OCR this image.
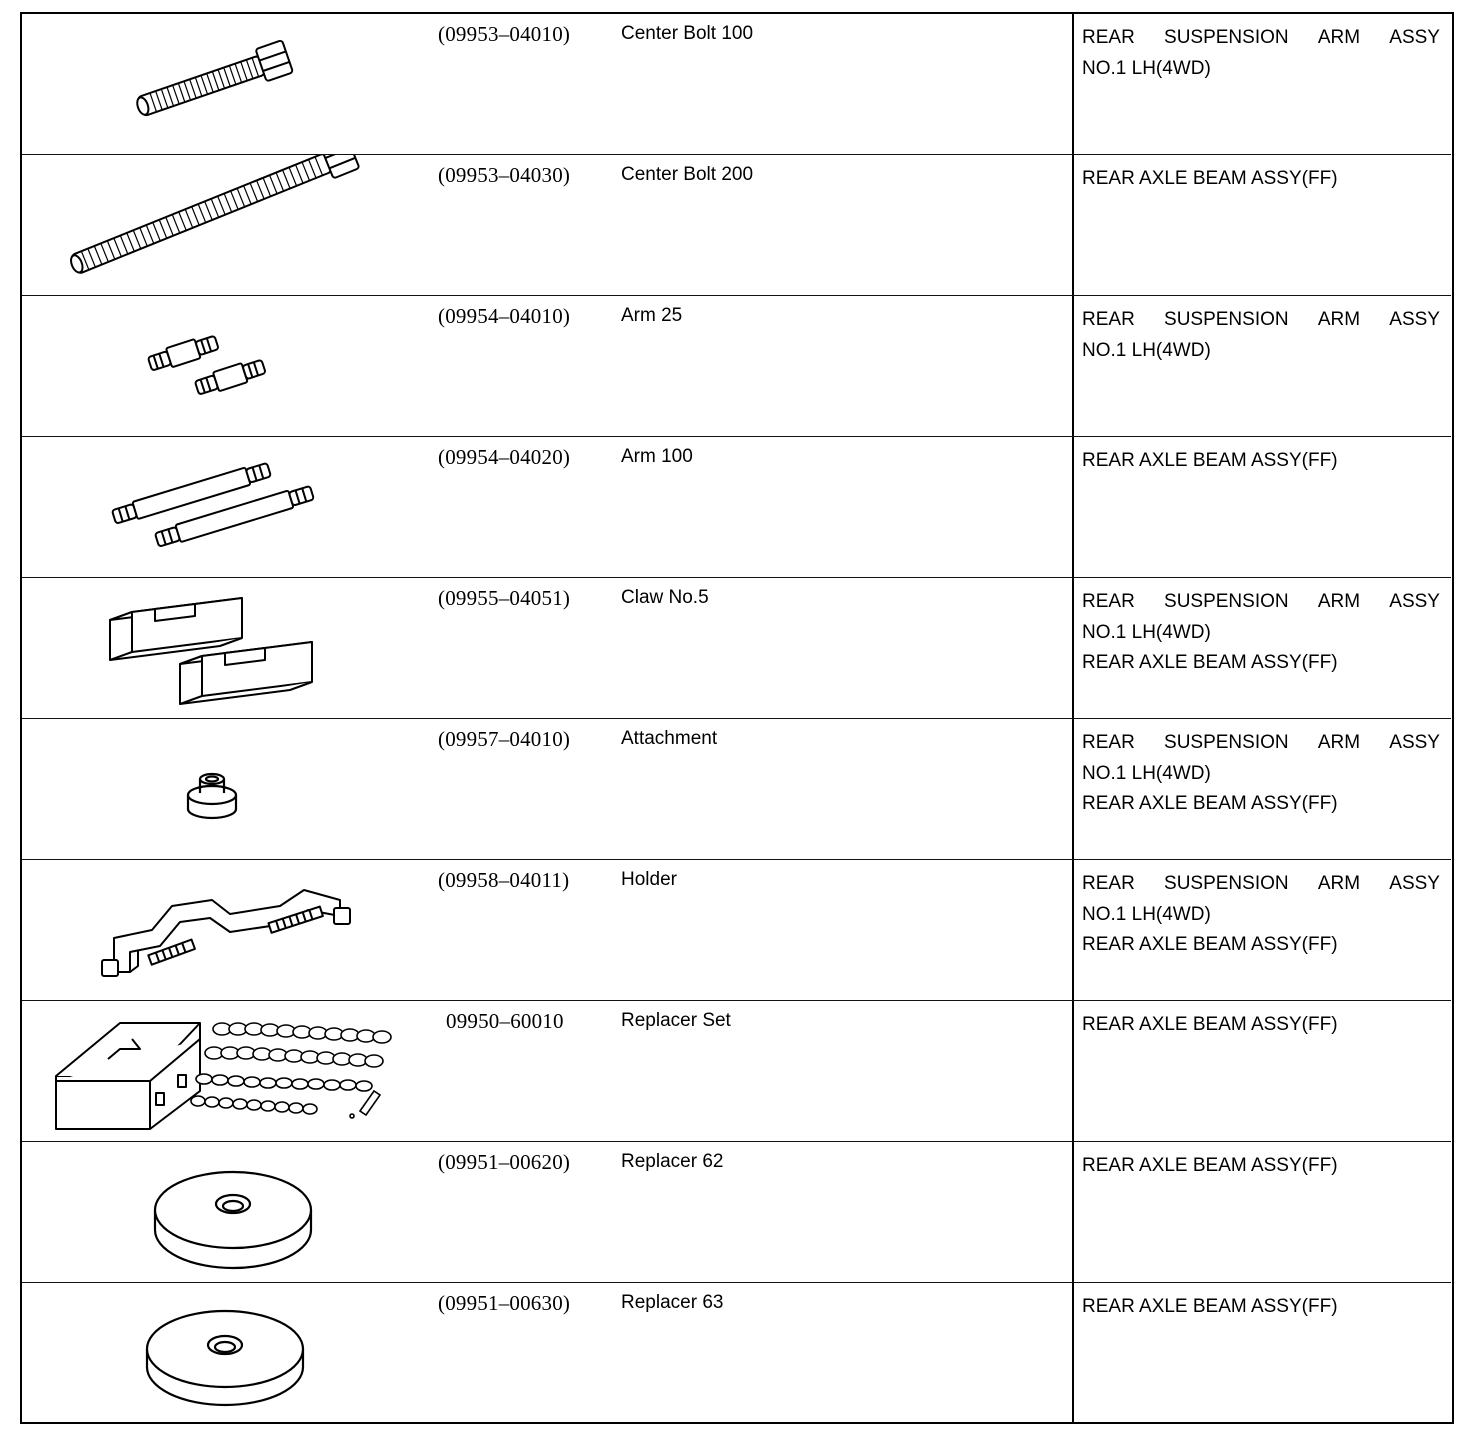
(09953–04010)	Center Bolt 100	REAR SUSPENSION ARM ASSY
NO.1 LH(4WD)
(09953–04030)	Center Bolt 200	REAR AXLE BEAM ASSY(FF)
(09954–04010)	Arm 25	REAR SUSPENSION ARM ASSY
NO.1 LH(4WD)
(09954–04020)	Arm 100	REAR AXLE BEAM ASSY(FF)
(09955–04051)	Claw No.5	REAR SUSPENSION ARM ASSY
NO.1 LH(4WD)
REAR AXLE BEAM ASSY(FF)
(09957–04010)	Attachment	REAR SUSPENSION ARM ASSY
NO.1 LH(4WD)
REAR AXLE BEAM ASSY(FF)
(09958–04011)	Holder	REAR SUSPENSION ARM ASSY
NO.1 LH(4WD)
REAR AXLE BEAM ASSY(FF)
09950–60010	Replacer Set	REAR AXLE BEAM ASSY(FF)
(09951–00620)	Replacer 62	REAR AXLE BEAM ASSY(FF)
(09951–00630)	Replacer 63	REAR AXLE BEAM ASSY(FF)
